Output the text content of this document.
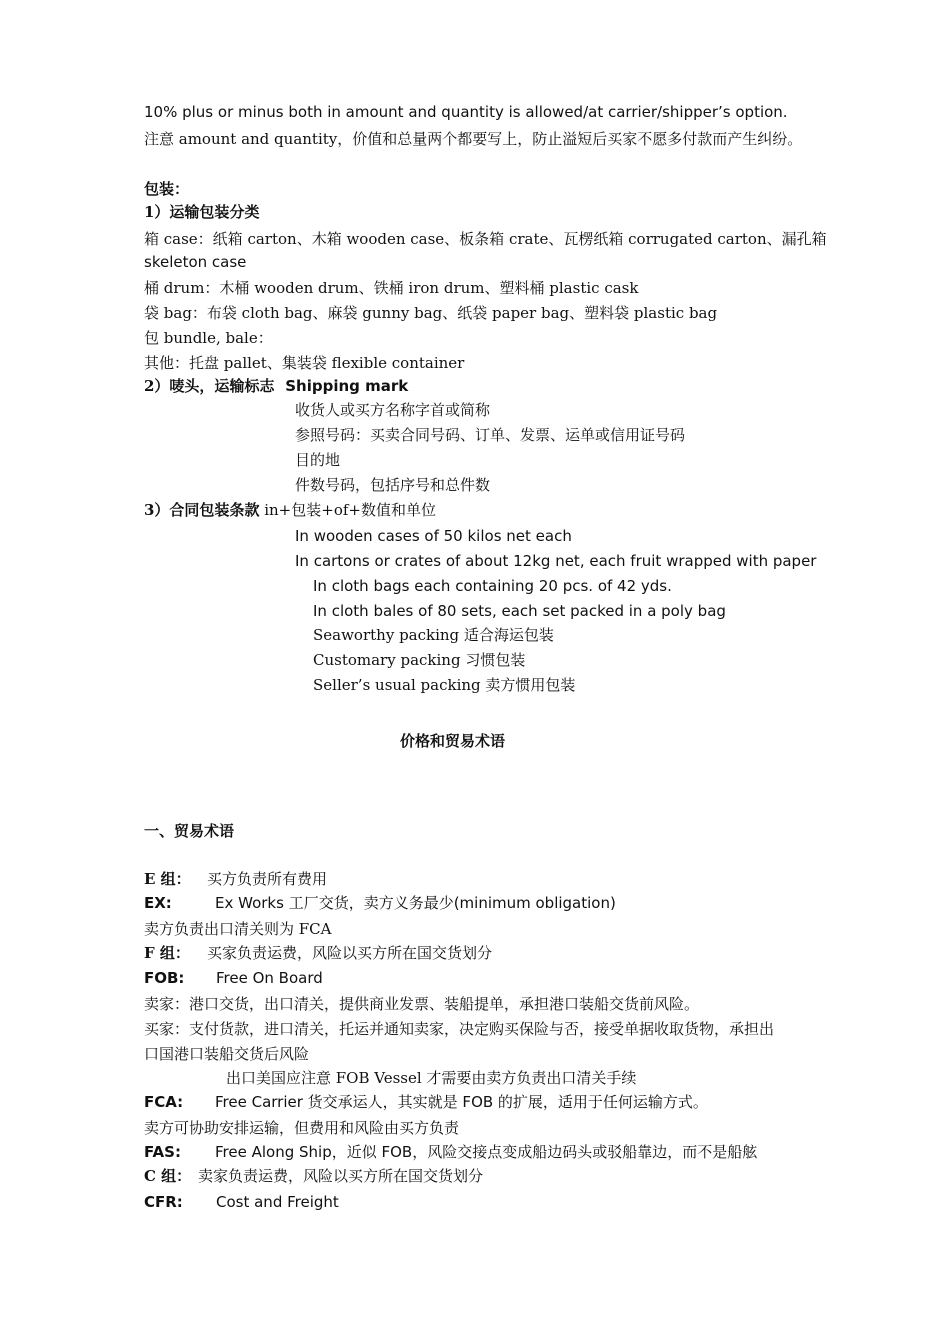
10% plus or minus both in amount and quantity is allowed/at carrier/shipper’s option.
注意 amount and quantity，价值和总量两个都要写上，防止溢短后买家不愿多付款而产生纠纷。
包装：
1）运输包装分类
箱 case：纸箱 carton、木箱 wooden case、板条箱 crate、瓦楞纸箱 corrugated carton、漏孔箱
skeleton case
桶 drum：木桶 wooden drum、铁桶 iron drum、塑料桶 plastic cask
袋 bag：布袋 cloth bag、麻袋 gunny bag、纸袋 paper bag、塑料袋 plastic bag
包 bundle, bale：
其他：托盘 pallet、集装袋 flexible container
2）唛头，运输标志 Shipping mark
收货人或买方名称字首或简称
参照号码：买卖合同号码、订单、发票、运单或信用证号码
目的地
件数号码，包括序号和总件数
3）合同包装条款 in+包装+of+数值和单位
In wooden cases of 50 kilos net each
In cartons or crates of about 12kg net, each fruit wrapped with paper
In cloth bags each containing 20 pcs. of 42 yds.
In cloth bales of 80 sets, each set packed in a poly bag
Seaworthy packing 适合海运包装
Customary packing 习惯包装
Seller’s usual packing 卖方惯用包装
价格和贸易术语
一、贸易术语
E 组： 买方负责所有费用
EX:	Ex Works 工厂交货，卖方义务最少(minimum obligation)
卖方负责出口清关则为 FCA
F 组： 买家负责运费，风险以买方所在国交货划分
FOB: Free On Board
卖家：港口交货，出口清关，提供商业发票、装船提单，承担港口装船交货前风险。
买家：支付货款，进口清关，托运并通知卖家，决定购买保险与否，接受单据收取货物，承担出
口国港口装船交货后风险
出口美国应注意 FOB Vessel 才需要由卖方负责出口清关手续
FCA: Free Carrier 货交承运人，其实就是 FOB 的扩展，适用于任何运输方式。
卖方可协助安排运输，但费用和风险由买方负责
FAS: Free Along Ship，近似 FOB，风险交接点变成船边码头或驳船靠边，而不是船舷
C 组： 卖家负责运费，风险以买方所在国交货划分
CFR: Cost and Freight
